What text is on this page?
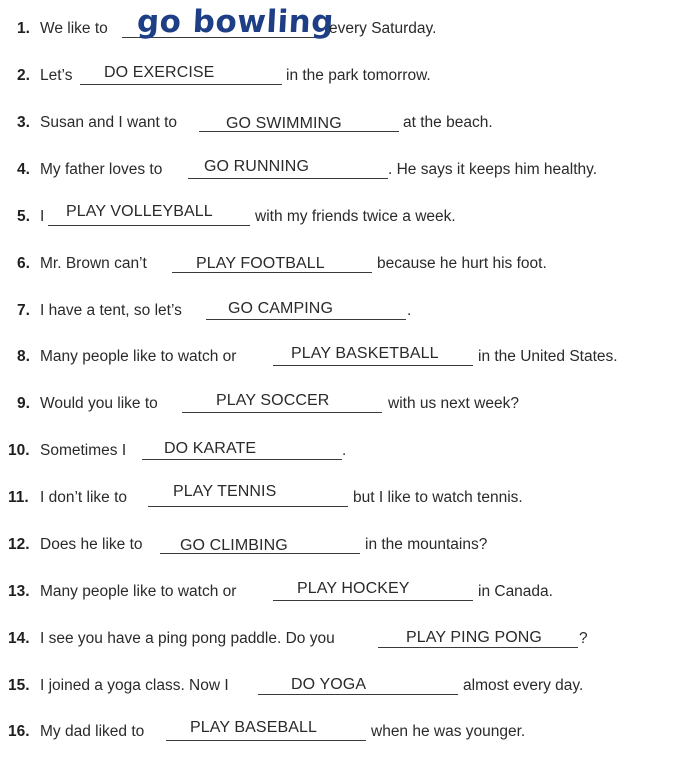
1. We like to go bowling
every Saturday.
2. Let’s DO EXERCISE	in the park tomorrow.
3. Susan and I want to	GO SWIMMING	at the beach.
4. My father loves to	GO RUNNING	. He says it keeps him healthy.
5. I PLAY VOLLEYBALL	with my friends twice a week.
6. Mr. Brown can’t	PLAY FOOTBALL	because he hurt his foot.
7. I have a tent, so let’s	GO CAMPING	.
8. Many people like to watch or	PLAY BASKETBALL	in the United States.
9. Would you like to	PLAY SOCCER	with us next week?
10. Sometimes I DO KARATE	.
11. I don’t like to	PLAY TENNIS	but I like to watch tennis.
12. Does he like to GO CLIMBING	in the mountains?
13. Many people like to watch or	PLAY HOCKEY	in Canada.
14. I see you have a ping pong paddle. Do you	PLAY PING PONG ?
15. I joined a yoga class. Now I	DO YOGA	almost every day.
16. My dad liked to	PLAY BASEBALL	when he was younger.
